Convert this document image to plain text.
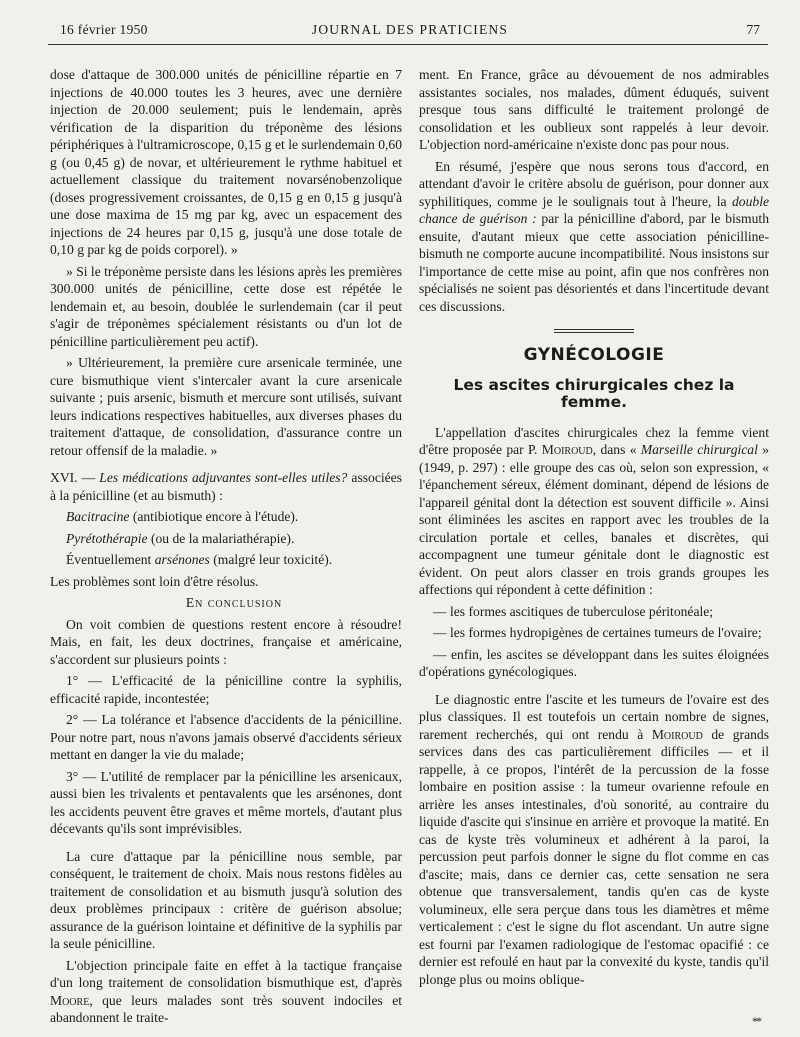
16 février 1950	JOURNAL DES PRATICIENS	77

dose d'attaque de 300.000 unités de pénicilline répartie en 7 injections de 40.000 toutes les 3 heures, avec une dernière injection de 20.000 seulement; puis le lendemain, après vérification de la disparition du tréponème des lésions périphériques à l'ultramicroscope, 0,15 g et le surlendemain 0,60 g (ou 0,45 g) de novar, et ultérieurement le rythme habituel et actuellement classique du traitement novarsénobenzolique (doses progressivement croissantes, de 0,15 g en 0,15 g jusqu'à une dose maxima de 15 mg par kg, avec un espacement des injections de 24 heures par 0,15 g, jusqu'à une dose totale de 0,10 g par kg de poids corporel). »

» Si le tréponème persiste dans les lésions après les premières 300.000 unités de pénicilline, cette dose est répétée le lendemain et, au besoin, doublée le surlendemain (car il peut s'agir de tréponèmes spécialement résistants ou d'un lot de pénicilline particulièrement peu actif).

» Ultérieurement, la première cure arsenicale terminée, une cure bismuthique vient s'intercaler avant la cure arsenicale suivante ; puis arsenic, bismuth et mercure sont utilisés, suivant leurs indications respectives habituelles, aux diverses phases du traitement d'attaque, de consolidation, d'assurance contre un retour offensif de la maladie. »

XVI. — Les médications adjuvantes sont-elles utiles? associées à la pénicilline (et au bismuth) :

Bacitracine (antibiotique encore à l'étude).

Pyrétothérapie (ou de la malariathérapie).

Éventuellement arsénones (malgré leur toxicité).

Les problèmes sont loin d'être résolus.

En conclusion

On voit combien de questions restent encore à résoudre! Mais, en fait, les deux doctrines, française et américaine, s'accordent sur plusieurs points :

1° — L'efficacité de la pénicilline contre la syphilis, efficacité rapide, incontestée;

2° — La tolérance et l'absence d'accidents de la pénicilline. Pour notre part, nous n'avons jamais observé d'accidents sérieux mettant en danger la vie du malade;

3° — L'utilité de remplacer par la pénicilline les arsenicaux, aussi bien les trivalents et pentavalents que les arsénones, dont les accidents peuvent être graves et même mortels, d'autant plus décevants qu'ils sont imprévisibles.

La cure d'attaque par la pénicilline nous semble, par conséquent, le traitement de choix. Mais nous restons fidèles au traitement de consolidation et au bismuth jusqu'à solution des deux problèmes principaux : critère de guérison absolue; assurance de la guérison lointaine et définitive de la syphilis par la seule pénicilline.

L'objection principale faite en effet à la tactique française d'un long traitement de consolidation bismuthique est, d'après Moore, que leurs malades sont très souvent indociles et abandonnent le traite-

ment. En France, grâce au dévouement de nos admirables assistantes sociales, nos malades, dûment éduqués, suivent presque tous sans difficulté le traitement prolongé de consolidation et les oublieux sont rappelés à leur devoir. L'objection nord-américaine n'existe donc pas pour nous.

En résumé, j'espère que nous serons tous d'accord, en attendant d'avoir le critère absolu de guérison, pour donner aux syphilitiques, comme je le soulignais tout à l'heure, la double chance de guérison : par la pénicilline d'abord, par le bismuth ensuite, d'autant mieux que cette association pénicilline-bismuth ne comporte aucune incompatibilité. Nous insistons sur l'importance de cette mise au point, afin que nos confrères non spécialisés ne soient pas désorientés et dans l'incertitude devant ces discussions.

GYNÉCOLOGIE
Les ascites chirurgicales chez la femme.

L'appellation d'ascites chirurgicales chez la femme vient d'être proposée par P. Moiroud, dans « Marseille chirurgical » (1949, p. 297) : elle groupe des cas où, selon son expression, « l'épanchement séreux, élément dominant, dépend de lésions de l'appareil génital dont la détection est souvent difficile ». Ainsi sont éliminées les ascites en rapport avec les troubles de la circulation portale et celles, banales et discrètes, qui accompagnent une tumeur génitale dont le diagnostic est évident. On peut alors classer en trois grands groupes les affections qui répondent à cette définition :

— les formes ascitiques de tuberculose péritonéale;

— les formes hydropigènes de certaines tumeurs de l'ovaire;

— enfin, les ascites se développant dans les suites éloignées d'opérations gynécologiques.

Le diagnostic entre l'ascite et les tumeurs de l'ovaire est des plus classiques. Il est toutefois un certain nombre de signes, rarement recherchés, qui ont rendu à Moiroud de grands services dans des cas particulièrement difficiles — et il rappelle, à ce propos, l'intérêt de la percussion de la fosse lombaire en position assise : la tumeur ovarienne refoule en arrière les anses intestinales, d'où sonorité, au contraire du liquide d'ascite qui s'insinue en arrière et provoque la matité. En cas de kyste très volumineux et adhérent à la paroi, la percussion peut parfois donner le signe du flot comme en cas d'ascite; mais, dans ce dernier cas, cette sensation ne sera obtenue que transversalement, tandis qu'en cas de kyste volumineux, elle sera perçue dans tous les diamètres et même verticalement : c'est le signe du flot ascendant. Un autre signe est fourni par l'examen radiologique de l'estomac opacifié : ce dernier est refoulé en haut par la convexité du kyste, tandis qu'il plonge plus ou moins oblique-

**
